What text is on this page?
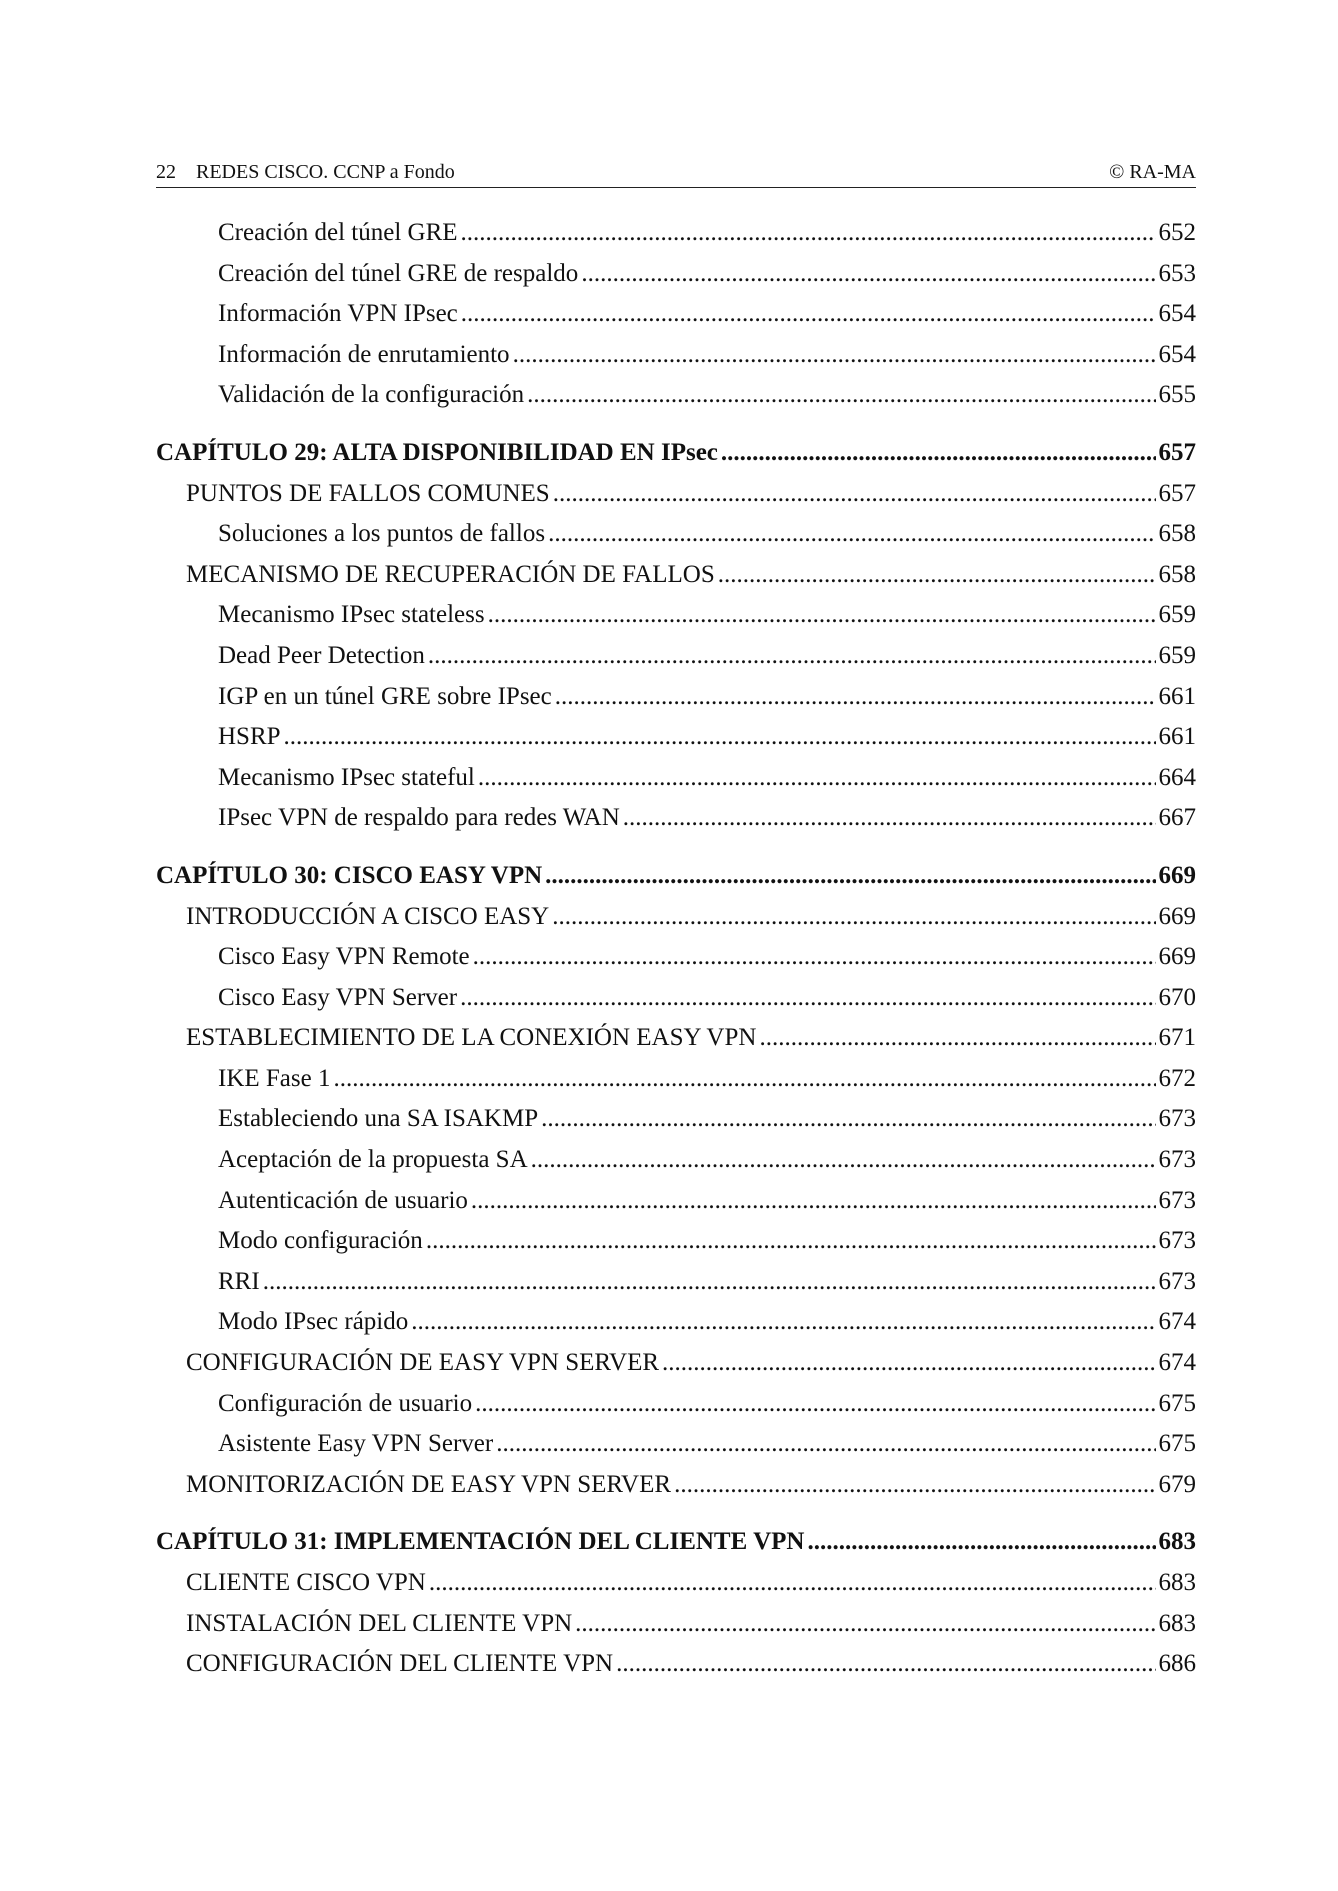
22 REDES CISCO. CCNP a Fondo	© RA-MA
Creación del túnel GRE .....	652
Creación del túnel GRE de respaldo .....	653
Información VPN IPsec .....	654
Información de enrutamiento .....	654
Validación de la configuración .....	655
CAPÍTULO 29: ALTA DISPONIBILIDAD EN IPsec .....	657
PUNTOS DE FALLOS COMUNES .....	657
Soluciones a los puntos de fallos .....	658
MECANISMO DE RECUPERACIÓN DE FALLOS .....	658
Mecanismo IPsec stateless .....	659
Dead Peer Detection .....	659
IGP en un túnel GRE sobre IPsec .....	661
HSRP .....	661
Mecanismo IPsec stateful .....	664
IPsec VPN de respaldo para redes WAN .....	667
CAPÍTULO 30: CISCO EASY VPN .....	669
INTRODUCCIÓN A CISCO EASY .....	669
Cisco Easy VPN Remote .....	669
Cisco Easy VPN Server .....	670
ESTABLECIMIENTO DE LA CONEXIÓN EASY VPN .....	671
IKE Fase 1 .....	672
Estableciendo una SA ISAKMP .....	673
Aceptación de la propuesta SA .....	673
Autenticación de usuario .....	673
Modo configuración .....	673
RRI .....	673
Modo IPsec rápido .....	674
CONFIGURACIÓN DE EASY VPN SERVER .....	674
Configuración de usuario .....	675
Asistente Easy VPN Server .....	675
MONITORIZACIÓN DE EASY VPN SERVER .....	679
CAPÍTULO 31: IMPLEMENTACIÓN DEL CLIENTE VPN .....	683
CLIENTE CISCO VPN .....	683
INSTALACIÓN DEL CLIENTE VPN .....	683
CONFIGURACIÓN DEL CLIENTE VPN .....	686
